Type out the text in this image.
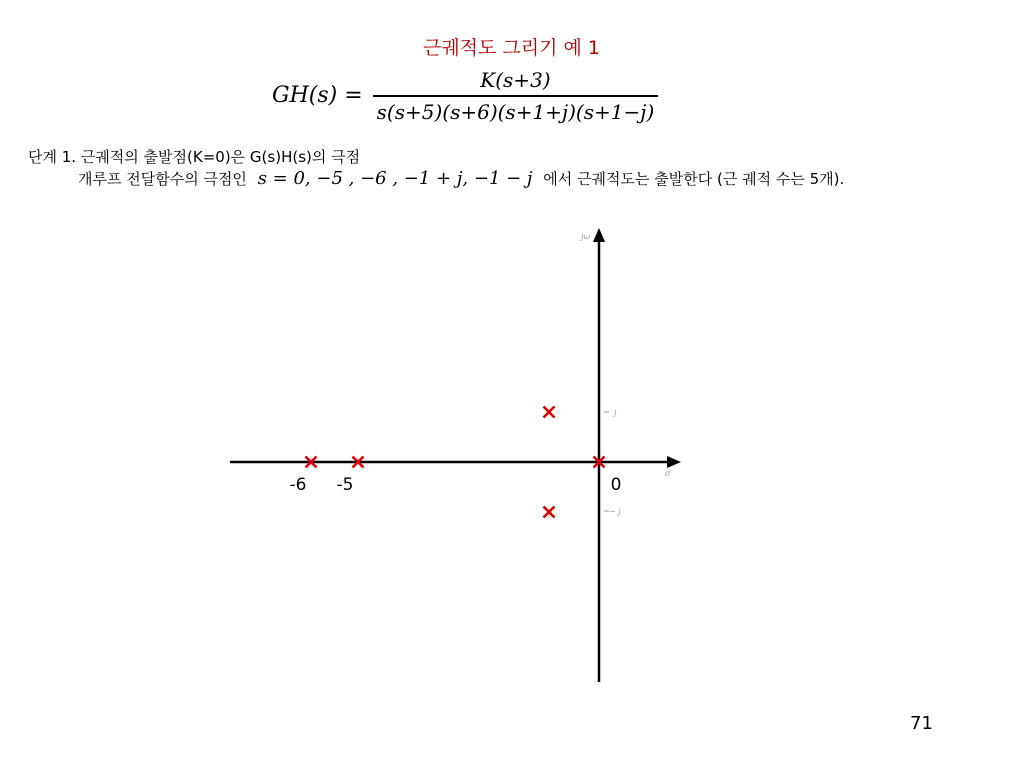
근궤적도 그리기 예 1
$GH(s) = \frac{K(s+3)}{s(s+5)(s+6)(s+1+j)(s+1-j)}$
단계 1. 근궤적의 출발점(K=0)은 G(s)H(s)의 극점
개루프 전달함수의 극점인 s = 0, −5 , −6 , −1 + j, −1 − j 에서 근궤적도는 출발한다 (근 궤적 수는 5개).
jω
σ
j
− j
-6 -5	0
71
